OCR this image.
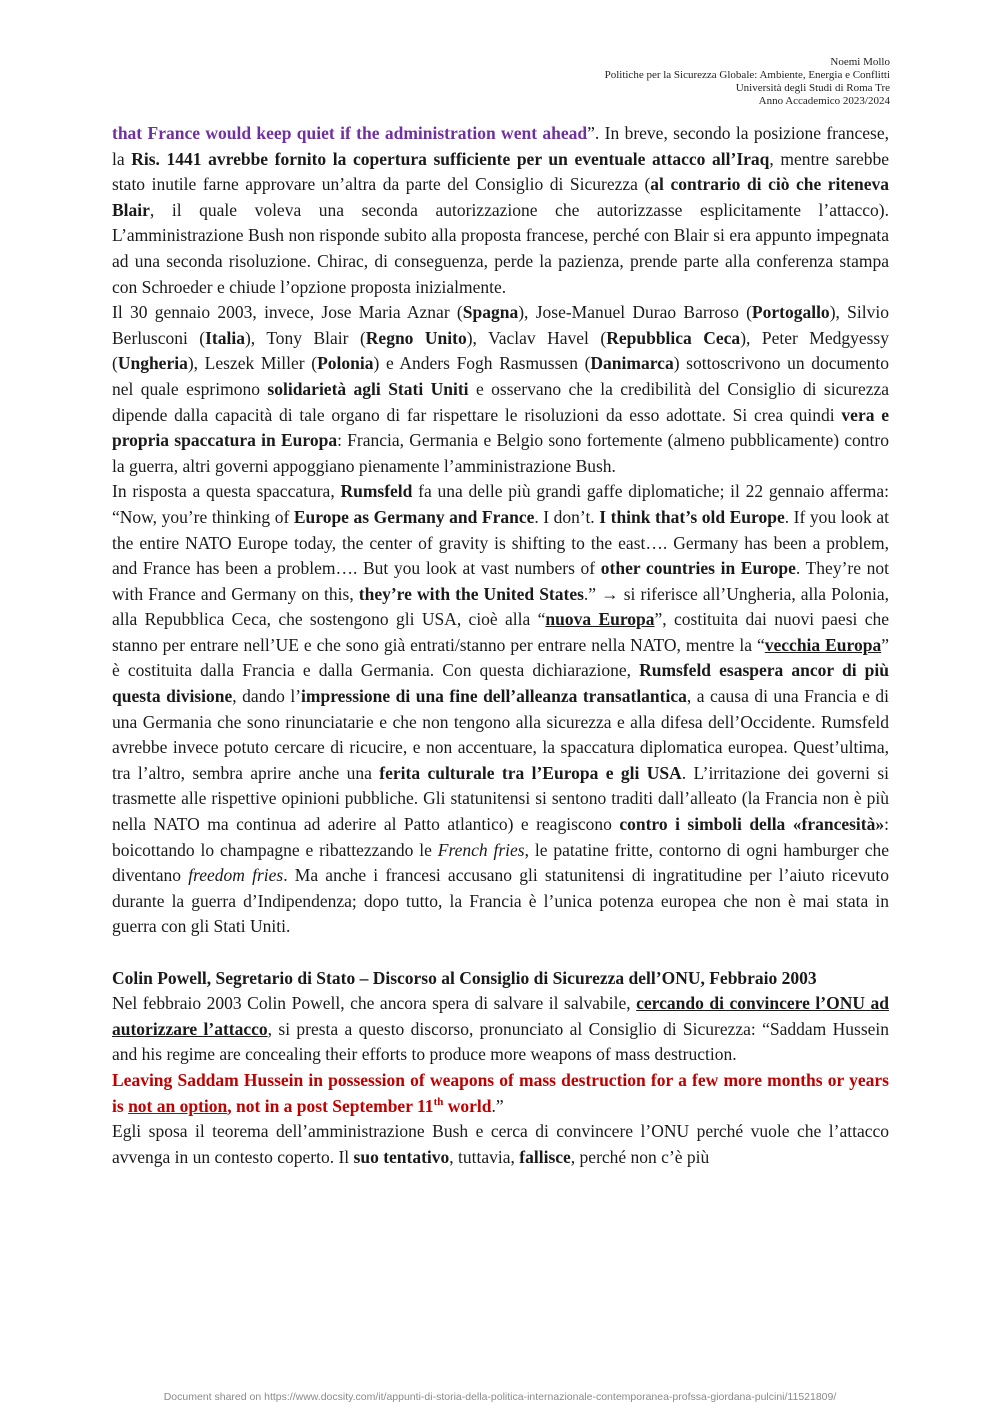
Noemi Mollo
Politiche per la Sicurezza Globale: Ambiente, Energia e Conflitti
Università degli Studi di Roma Tre
Anno Accademico 2023/2024

that France would keep quiet if the administration went ahead”. In breve, secondo la posizione francese, la Ris. 1441 avrebbe fornito la copertura sufficiente per un eventuale attacco all’Iraq, mentre sarebbe stato inutile farne approvare un’altra da parte del Consiglio di Sicurezza (al contrario di ciò che riteneva Blair, il quale voleva una seconda autorizzazione che autorizzasse esplicitamente l’attacco). L’amministrazione Bush non risponde subito alla proposta francese, perché con Blair si era appunto impegnata ad una seconda risoluzione. Chirac, di conseguenza, perde la pazienza, prende parte alla conferenza stampa con Schroeder e chiude l’opzione proposta inizialmente.

Il 30 gennaio 2003, invece, Jose Maria Aznar (Spagna), Jose-Manuel Durao Barroso (Portogallo), Silvio Berlusconi (Italia), Tony Blair (Regno Unito), Vaclav Havel (Repubblica Ceca), Peter Medgyessy (Ungheria), Leszek Miller (Polonia) e Anders Fogh Rasmussen (Danimarca) sottoscrivono un documento nel quale esprimono solidarietà agli Stati Uniti e osservano che la credibilità del Consiglio di sicurezza dipende dalla capacità di tale organo di far rispettare le risoluzioni da esso adottate. Si crea quindi vera e propria spaccatura in Europa: Francia, Germania e Belgio sono fortemente (almeno pubblicamente) contro la guerra, altri governi appoggiano pienamente l’amministrazione Bush.

In risposta a questa spaccatura, Rumsfeld fa una delle più grandi gaffe diplomatiche; il 22 gennaio afferma: “Now, you’re thinking of Europe as Germany and France. I don’t. I think that’s old Europe. If you look at the entire NATO Europe today, the center of gravity is shifting to the east…. Germany has been a problem, and France has been a problem…. But you look at vast numbers of other countries in Europe. They’re not with France and Germany on this, they’re with the United States.” → si riferisce all’Ungheria, alla Polonia, alla Repubblica Ceca, che sostengono gli USA, cioè alla “nuova Europa”, costituita dai nuovi paesi che stanno per entrare nell’UE e che sono già entrati/stanno per entrare nella NATO, mentre la “vecchia Europa” è costituita dalla Francia e dalla Germania. Con questa dichiarazione, Rumsfeld esaspera ancor di più questa divisione, dando l’impressione di una fine dell’alleanza transatlantica, a causa di una Francia e di una Germania che sono rinunciatarie e che non tengono alla sicurezza e alla difesa dell’Occidente. Rumsfeld avrebbe invece potuto cercare di ricucire, e non accentuare, la spaccatura diplomatica europea. Quest’ultima, tra l’altro, sembra aprire anche una ferita culturale tra l’Europa e gli USA. L’irritazione dei governi si trasmette alle rispettive opinioni pubbliche. Gli statunitensi si sentono traditi dall’alleato (la Francia non è più nella NATO ma continua ad aderire al Patto atlantico) e reagiscono contro i simboli della «francesità»: boicottando lo champagne e ribattezzando le French fries, le patatine fritte, contorno di ogni hamburger che diventano freedom fries. Ma anche i francesi accusano gli statunitensi di ingratitudine per l’aiuto ricevuto durante la guerra d’Indipendenza; dopo tutto, la Francia è l’unica potenza europea che non è mai stata in guerra con gli Stati Uniti.

Colin Powell, Segretario di Stato – Discorso al Consiglio di Sicurezza dell’ONU, Febbraio 2003

Nel febbraio 2003 Colin Powell, che ancora spera di salvare il salvabile, cercando di convincere l’ONU ad autorizzare l’attacco, si presta a questo discorso, pronunciato al Consiglio di Sicurezza: “Saddam Hussein and his regime are concealing their efforts to produce more weapons of mass destruction.

Leaving Saddam Hussein in possession of weapons of mass destruction for a few more months or years is not an option, not in a post September 11th world.”

Egli sposa il teorema dell’amministrazione Bush e cerca di convincere l’ONU perché vuole che l’attacco avvenga in un contesto coperto. Il suo tentativo, tuttavia, fallisce, perché non c’è più

Document shared on https://www.docsity.com/it/appunti-di-storia-della-politica-internazionale-contemporanea-profssa-giordana-pulcini/11521809/
